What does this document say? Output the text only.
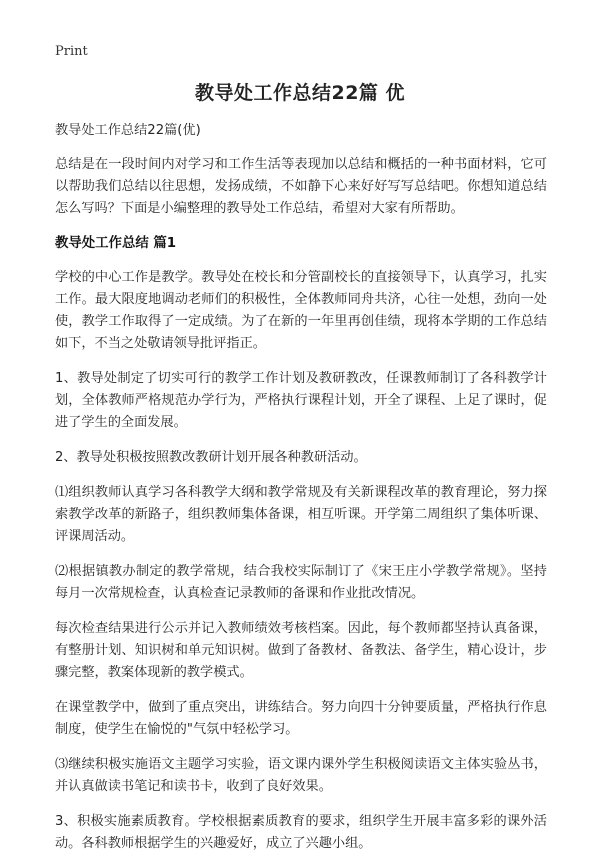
Print
教导处工作总结22篇 优
教导处工作总结22篇(优)

总结是在一段时间内对学习和工作生活等表现加以总结和概括的一种书面材料，它可以帮助我们总结以往思想，发扬成绩，不如静下心来好好写写总结吧。你想知道总结怎么写吗？下面是小编整理的教导处工作总结，希望对大家有所帮助。

教导处工作总结 篇1

学校的中心工作是教学。教导处在校长和分管副校长的直接领导下，认真学习，扎实工作。最大限度地调动老师们的积极性，全体教师同舟共济，心往一处想，劲向一处使，教学工作取得了一定成绩。为了在新的一年里再创佳绩，现将本学期的工作总结如下，不当之处敬请领导批评指正。

1、教导处制定了切实可行的教学工作计划及教研教改，任课教师制订了各科教学计划，全体教师严格规范办学行为，严格执行课程计划，开全了课程、上足了课时，促进了学生的全面发展。

2、教导处积极按照教改教研计划开展各种教研活动。

⑴组织教师认真学习各科教学大纲和教学常规及有关新课程改革的教育理论，努力探索教学改革的新路子，组织教师集体备课，相互听课。开学第二周组织了集体听课、评课周活动。

⑵根据镇教办制定的教学常规，结合我校实际制订了《宋王庄小学教学常规》。坚持每月一次常规检查，认真检查记录教师的备课和作业批改情况。

每次检查结果进行公示并记入教师绩效考核档案。因此，每个教师都坚持认真备课，有整册计划、知识树和单元知识树。做到了备教材、备教法、备学生，精心设计，步骤完整，教案体现新的教学模式。

在课堂教学中，做到了重点突出，讲练结合。努力向四十分钟要质量，严格执行作息制度，使学生在愉悦的"气氛中轻松学习。

⑶继续积极实施语文主题学习实验，语文课内课外学生积极阅读语文主体实验丛书，并认真做读书笔记和读书卡，收到了良好效果。

3、积极实施素质教育。学校根据素质教育的要求，组织学生开展丰富多彩的课外活动。各科教师根据学生的兴趣爱好，成立了兴趣小组。
